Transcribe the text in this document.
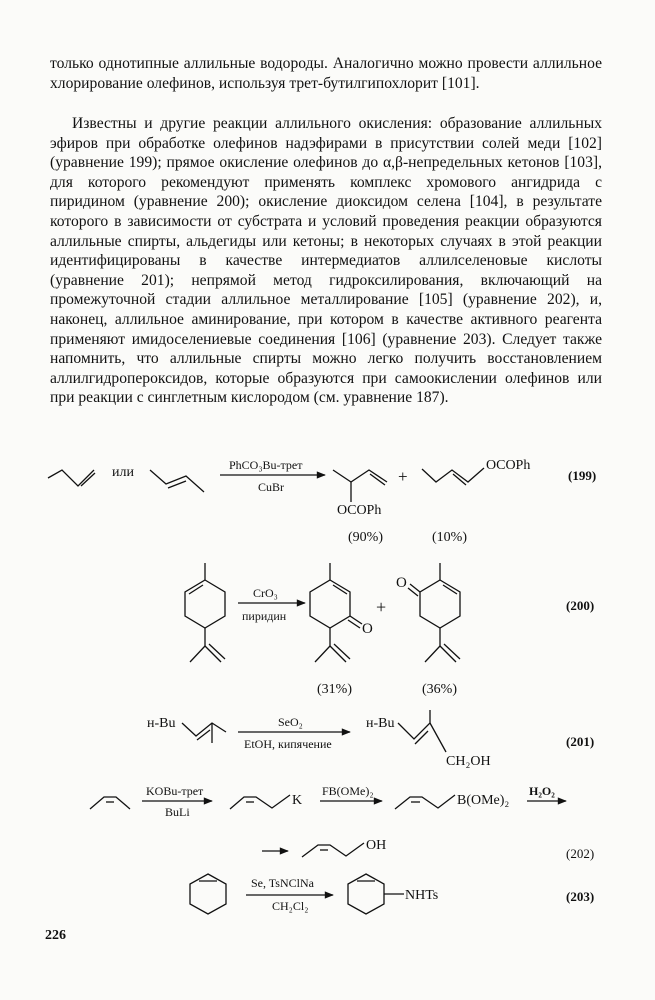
только однотипные аллильные водороды. Аналогично можно провести аллильное хлорирование олефинов, используя трет-бутилгипохлорит [101].

Известны и другие реакции аллильного окисления: образование аллильных эфиров при обработке олефинов надэфирами в присутствии солей меди [102] (уравнение 199); прямое окисление олефинов до α,β-непредельных кетонов [103], для которого рекомендуют применять комплекс хромового ангидрида с пиридином (уравнение 200); окисление диоксидом селена [104], в результате которого в зависимости от субстрата и условий проведения реакции образуются аллильные спирты, альдегиды или кетоны; в некоторых случаях в этой реакции идентифицированы в качестве интермедиатов аллилселеновые кислоты (уравнение 201); непрямой метод гидроксилирования, включающий на промежуточной стадии аллильное металлирование [105] (уравнение 202), и, наконец, аллильное аминирование, при котором в качестве активного реагента применяют имидоселениевые соединения [106] (уравнение 203). Следует также напомнить, что аллильные спирты можно легко получить восстановлением аллилгидропероксидов, которые образуются при самоокислении олефинов или при реакции с синглетным кислородом (см. уравнение 187).

или	PhCO₃Bu-трет
CuBr
+
OCOPh
OCOPh
(90%)	(10%)
(199)
CrO₃
пиридин
O
O
+
(31%)	(36%)
(200)
н-Bu	SeO₂
EtOH, кипячение
н-Bu
CH₂OH
(201)
KOBu-трет
BuLi
K
FB(OMe)₂
B(OMe)₂
H₂O₂
OH
(202)
Se, TsNClNa
CH₂Cl₂
NHTs	(203)
226
